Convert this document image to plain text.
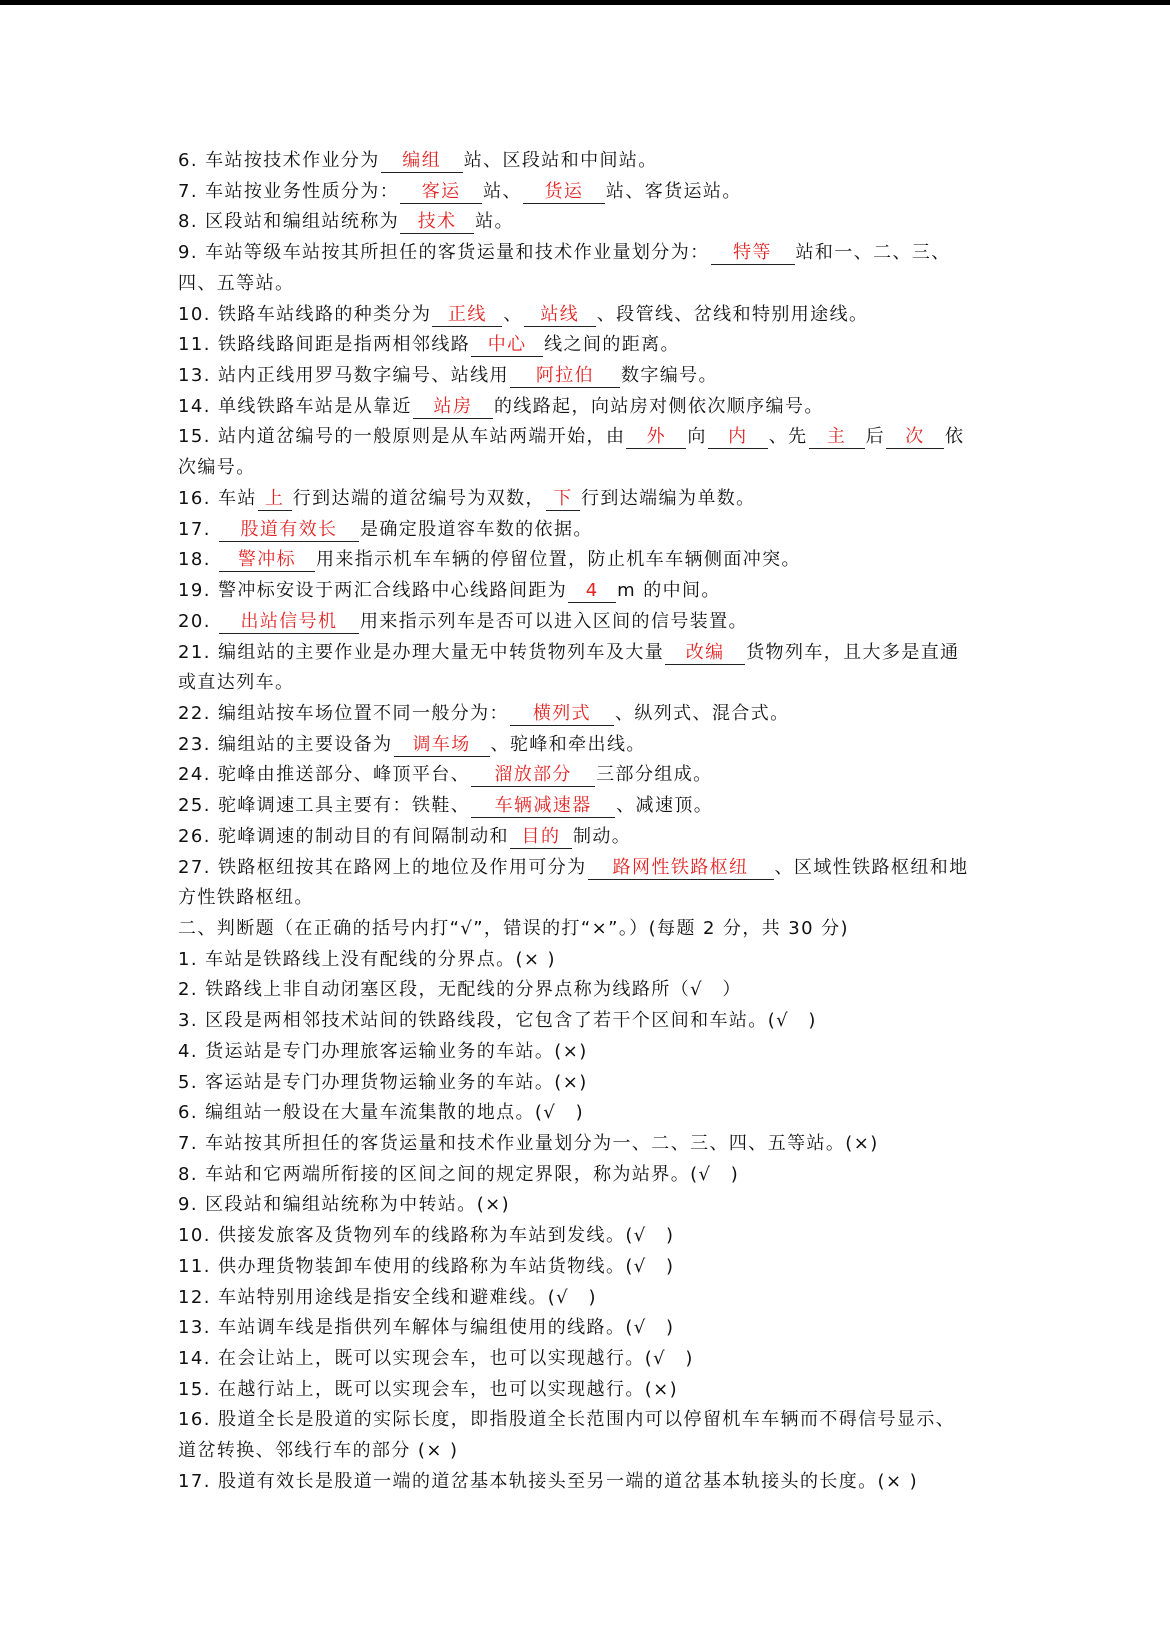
6. 车站按技术作业分为 编组 站、区段站和中间站。
7. 车站按业务性质分为： 客运 站、 货运 站、客货运站。
8. 区段站和编组站统称为 技术 站。
9. 车站等级车站按其所担任的客货运量和技术作业量划分为： 特等 站和一、二、三、
四、五等站。
10. 铁路车站线路的种类分为 正线 、 站线 、段管线、岔线和特别用途线。
11. 铁路线路间距是指两相邻线路 中心 线之间的距离。
13. 站内正线用罗马数字编号、站线用 阿拉伯 数字编号。
14. 单线铁路车站是从靠近 站房 的线路起，向站房对侧依次顺序编号。
15. 站内道岔编号的一般原则是从车站两端开始，由 外 向 内 、先 主 后 次 依
次编号。
16. 车站 上 行到达端的道岔编号为双数， 下 行到达端编为单数。
17. 股道有效长 是确定股道容车数的依据。
18. 警冲标 用来指示机车车辆的停留位置，防止机车车辆侧面冲突。
19. 警冲标安设于两汇合线路中心线路间距为 4 m 的中间。
20. 出站信号机 用来指示列车是否可以进入区间的信号装置。
21. 编组站的主要作业是办理大量无中转货物列车及大量 改编 货物列车，且大多是直通
或直达列车。
22. 编组站按车场位置不同一般分为： 横列式 、纵列式、混合式。
23. 编组站的主要设备为 调车场 、驼峰和牵出线。
24. 驼峰由推送部分、峰顶平台、 溜放部分 三部分组成。
25. 驼峰调速工具主要有：铁鞋、 车辆减速器 、减速顶。
26. 驼峰调速的制动目的有间隔制动和 目的 制动。
27. 铁路枢纽按其在路网上的地位及作用可分为 路网性铁路枢纽 、区域性铁路枢纽和地
方性铁路枢纽。
二、判断题（在正确的括号内打“√”，错误的打“×”。）(每题 2 分，共 30 分)
1. 车站是铁路线上没有配线的分界点。(× )
2. 铁路线上非自动闭塞区段，无配线的分界点称为线路所（√　）
3. 区段是两相邻技术站间的铁路线段，它包含了若干个区间和车站。(√　)
4. 货运站是专门办理旅客运输业务的车站。(×)
5. 客运站是专门办理货物运输业务的车站。(×)
6. 编组站一般设在大量车流集散的地点。(√　)
7. 车站按其所担任的客货运量和技术作业量划分为一、二、三、四、五等站。(×)
8. 车站和它两端所衔接的区间之间的规定界限，称为站界。(√　)
9. 区段站和编组站统称为中转站。(×)
10. 供接发旅客及货物列车的线路称为车站到发线。(√　)
11. 供办理货物装卸车使用的线路称为车站货物线。(√　)
12. 车站特别用途线是指安全线和避难线。(√　)
13. 车站调车线是指供列车解体与编组使用的线路。(√　)
14. 在会让站上，既可以实现会车，也可以实现越行。(√　)
15. 在越行站上，既可以实现会车，也可以实现越行。(×)
16. 股道全长是股道的实际长度，即指股道全长范围内可以停留机车车辆而不碍信号显示、
道岔转换、邻线行车的部分 (× )
17. 股道有效长是股道一端的道岔基本轨接头至另一端的道岔基本轨接头的长度。(× )
